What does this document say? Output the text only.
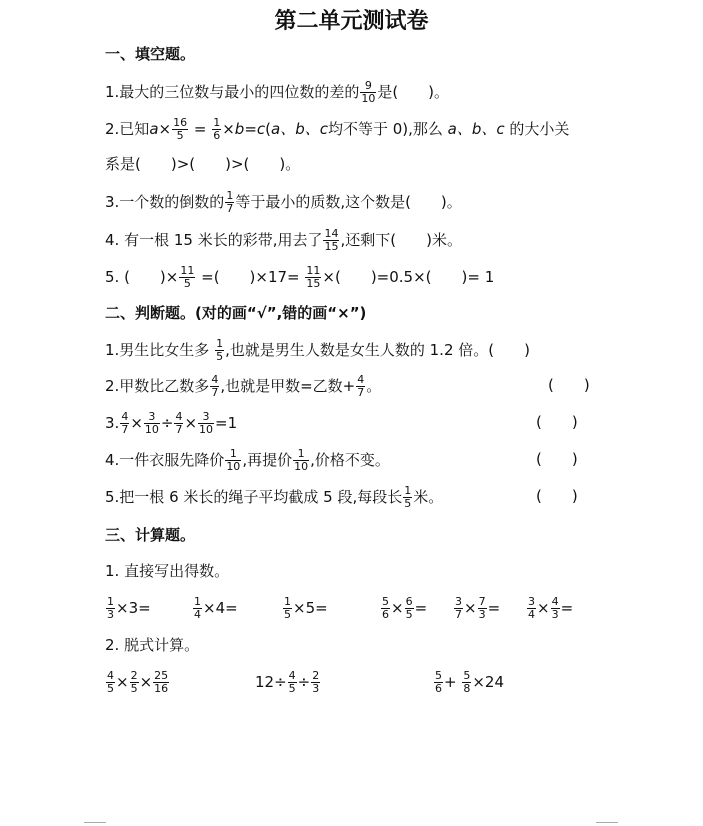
第二单元测试卷
一、填空题。
1.最大的三位数与最小的四位数的差的 $\frac{9}{10}$ 是(　　)。
2.已知$a\times \frac{16}{5} = \frac{1}{6} \times b=c(a$、b、c均不等于 0),那么 a、b、c 的大小关
系是(　　)>(　　)>(　　)。
3.一个数的倒数的 $\frac{1}{7}$ 等于最小的质数,这个数是(　　)。
4. 有一根 15 米长的彩带,用去了 $\frac{14}{15}$ ,还剩下(　　)米。
5. (　　)× $\frac{11}{5}$ =(　　)$\times 17= \frac{11}{15}$ ×(　　)=0.5×(　　)= 1
二、判断题。(对的画“√”,错的画“×”)
1.男生比女生多 $\frac{1}{5}$ ,也就是男生人数是女生人数的 1.2 倍。(　　)
2.甲数比乙数多 $\frac{4}{7}$ ,也就是甲数=乙数+ $\frac{4}{7}$ 。	(　　)
3. $\frac{4}{7} \times \frac{3}{10} \div \frac{4}{7} \times \frac{3}{10} =1$	(　　)
4.一件衣服先降价 $\frac{1}{10}$ ,再提价 $\frac{1}{10}$ ,价格不变。	(　　)
5.把一根 6 米长的绳子平均截成 5 段,每段长 $\frac{1}{5}$ 米。	(　　)
三、计算题。
1. 直接写出得数。
$\frac{1}{3} \times 3=$	$\frac{1}{4} \times 4=$	$\frac{1}{5} \times 5=$	$\frac{5}{6} \times \frac{6}{5} = \frac{3}{7} \times \frac{7}{3} = \frac{3}{4} \times \frac{4}{3}$ =
2. 脱式计算。
$\frac{4}{5} \times \frac{2}{5} \times \frac{25}{16}$	$12\div \frac{4}{5} \div \frac{2}{3}$	$\frac{5}{6} + \frac{5}{8} \times 24$
